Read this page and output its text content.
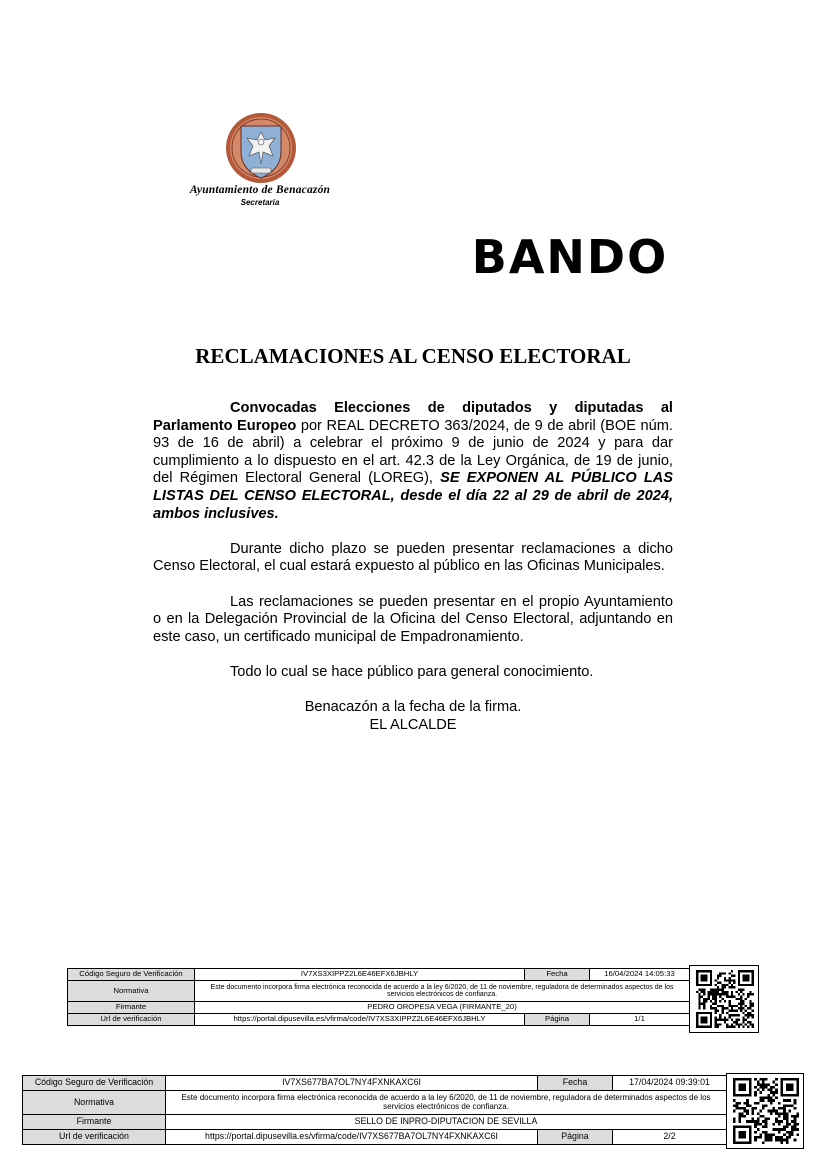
Ayuntamiento de Benacazón
Secretaría
BANDO
RECLAMACIONES AL CENSO ELECTORAL

Convocadas Elecciones de diputados y diputadas al Parlamento Europeo por REAL DECRETO 363/2024, de 9 de abril (BOE núm. 93 de 16 de abril) a celebrar el próximo 9 de junio de 2024 y para dar cumplimiento a lo dispuesto en el art. 42.3 de la Ley Orgánica, de 19 de junio, del Régimen Electoral General (LOREG), SE EXPONEN AL PÚBLICO LAS LISTAS DEL CENSO ELECTORAL, desde el día 22 al 29 de abril de 2024, ambos inclusives.

Durante dicho plazo se pueden presentar reclamaciones a dicho Censo Electoral, el cual estará expuesto al público en las Oficinas Municipales.

Las reclamaciones se pueden presentar en el propio Ayuntamiento o en la Delegación Provincial de la Oficina del Censo Electoral, adjuntando en este caso, un certificado municipal de Empadronamiento.

Todo lo cual se hace público para general conocimiento.

Benacazón a la fecha de la firma.

EL ALCALDE

Código Seguro de Verificación	IV7XS3XIPPZ2L6E46EFX6JBHLY	Fecha	16/04/2024 14:05:33
Normativa	Este documento incorpora firma electrónica reconocida de acuerdo a la ley 6/2020, de 11 de noviembre, reguladora de determinados aspectos de los servicios electrónicos de confianza.		
Firmante	PEDRO OROPESA VEGA (FIRMANTE_20)		
Url de verificación	https://portal.dipusevilla.es/vfirma/code/IV7XS3XIPPZ2L6E46EFX6JBHLY	Página	1/1
Código Seguro de Verificación	IV7XS677BA7OL7NY4FXNKAXC6I	Fecha	17/04/2024 09:39:01
Normativa	Este documento incorpora firma electrónica reconocida de acuerdo a la ley 6/2020, de 11 de noviembre, reguladora de determinados aspectos de los servicios electrónicos de confianza.		
Firmante	SELLO DE INPRO-DIPUTACION DE SEVILLA		
Url de verificación	https://portal.dipusevilla.es/vfirma/code/IV7XS677BA7OL7NY4FXNKAXC6I	Página	2/2
